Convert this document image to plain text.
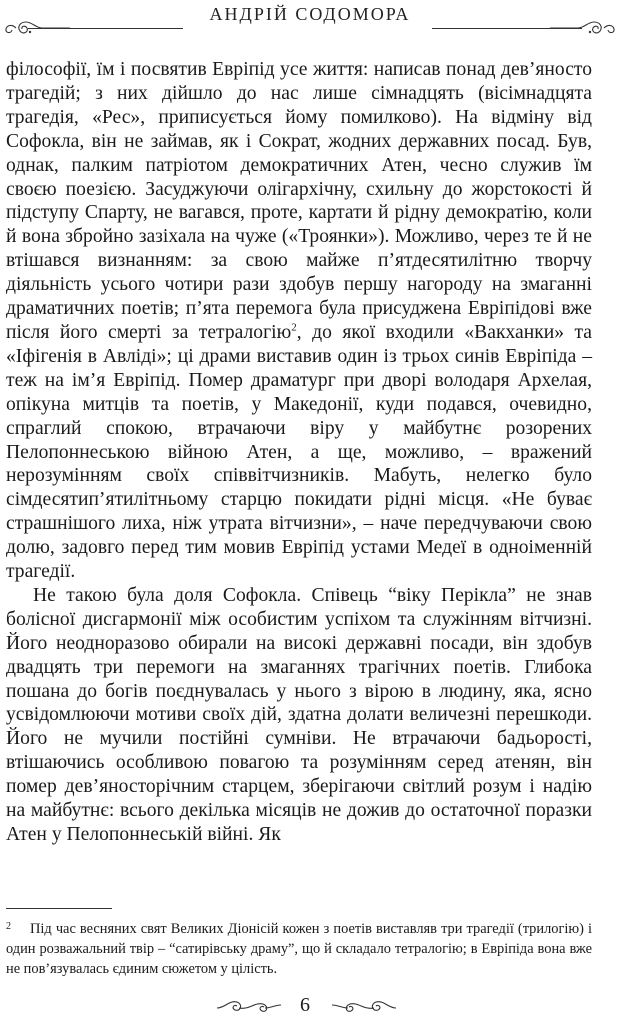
АНДРІЙ СОДОМОРА

філософії, їм і посвятив Евріпід усе життя: написав понад дев’яносто трагедій; з них дійшло до нас лише сімнадцять (вісімнадцята трагедія, «Рес», приписується йому помилково). На відміну від Софокла, він не займав, як і Сократ, жодних державних посад. Був, однак, палким патріотом демократичних Атен, чесно служив їм своєю поезією. Засуджуючи олігархічну, схильну до жорстокості й підступу Спарту, не вагався, проте, картати й рідну демократію, коли й вона збройно зазіхала на чуже («Троянки»). Можливо, через те й не втішався визнанням: за свою майже п’ятдесятилітню творчу діяльність усього чотири рази здобув першу нагороду на змаганні драматичних поетів; п’ята перемога була присуджена Евріпідові вже після його смерті за тетралогію$^2$, до якої входили «Вакханки» та «Іфігенія в Авліді»; ці драми виставив один із трьох синів Евріпіда – теж на ім’я Евріпід. Помер драматург при дворі володаря Архелая, опікуна митців та поетів, у Македонії, куди подався, очевидно, спраглий спокою, втрачаючи віру у майбутнє розорених Пелопоннеською війною Атен, а ще, можливо, – вражений нерозумінням своїх співвітчизників. Мабуть, нелегко було сімдесятип’ятилітньому старцю покидати рідні місця. «Не буває страшнішого лиха, ніж утрата вітчизни», – наче передчуваючи свою долю, задовго перед тим мовив Евріпід устами Медеї в одноіменній трагедії.

Не такою була доля Софокла. Співець “віку Перікла” не знав болісної дисгармонії між особистим успіхом та служінням вітчизні. Його неодноразово обирали на високі державні посади, він здобув двадцять три перемоги на змаганнях трагічних поетів. Глибока пошана до богів поєднувалась у нього з вірою в людину, яка, ясно усвідомлюючи мотиви своїх дій, здатна долати величезні перешкоди. Його не мучили постійні сумніви. Не втрачаючи бадьорості, втішаючись особливою повагою та розумінням серед атенян, він помер дев’яносторічним старцем, зберігаючи світлий розум і надію на майбутнє: всього декілька місяців не дожив до остаточної поразки Атен у Пелопоннеській війні. Як

2 Під час весняних свят Великих Діонісій кожен з поетів виставляв три трагедії (трилогію) і один розважальний твір – “сатирівську драму”, що й складало тетралогію; в Евріпіда вона вже не пов’язувалась єдиним сюжетом у цілість.
6
